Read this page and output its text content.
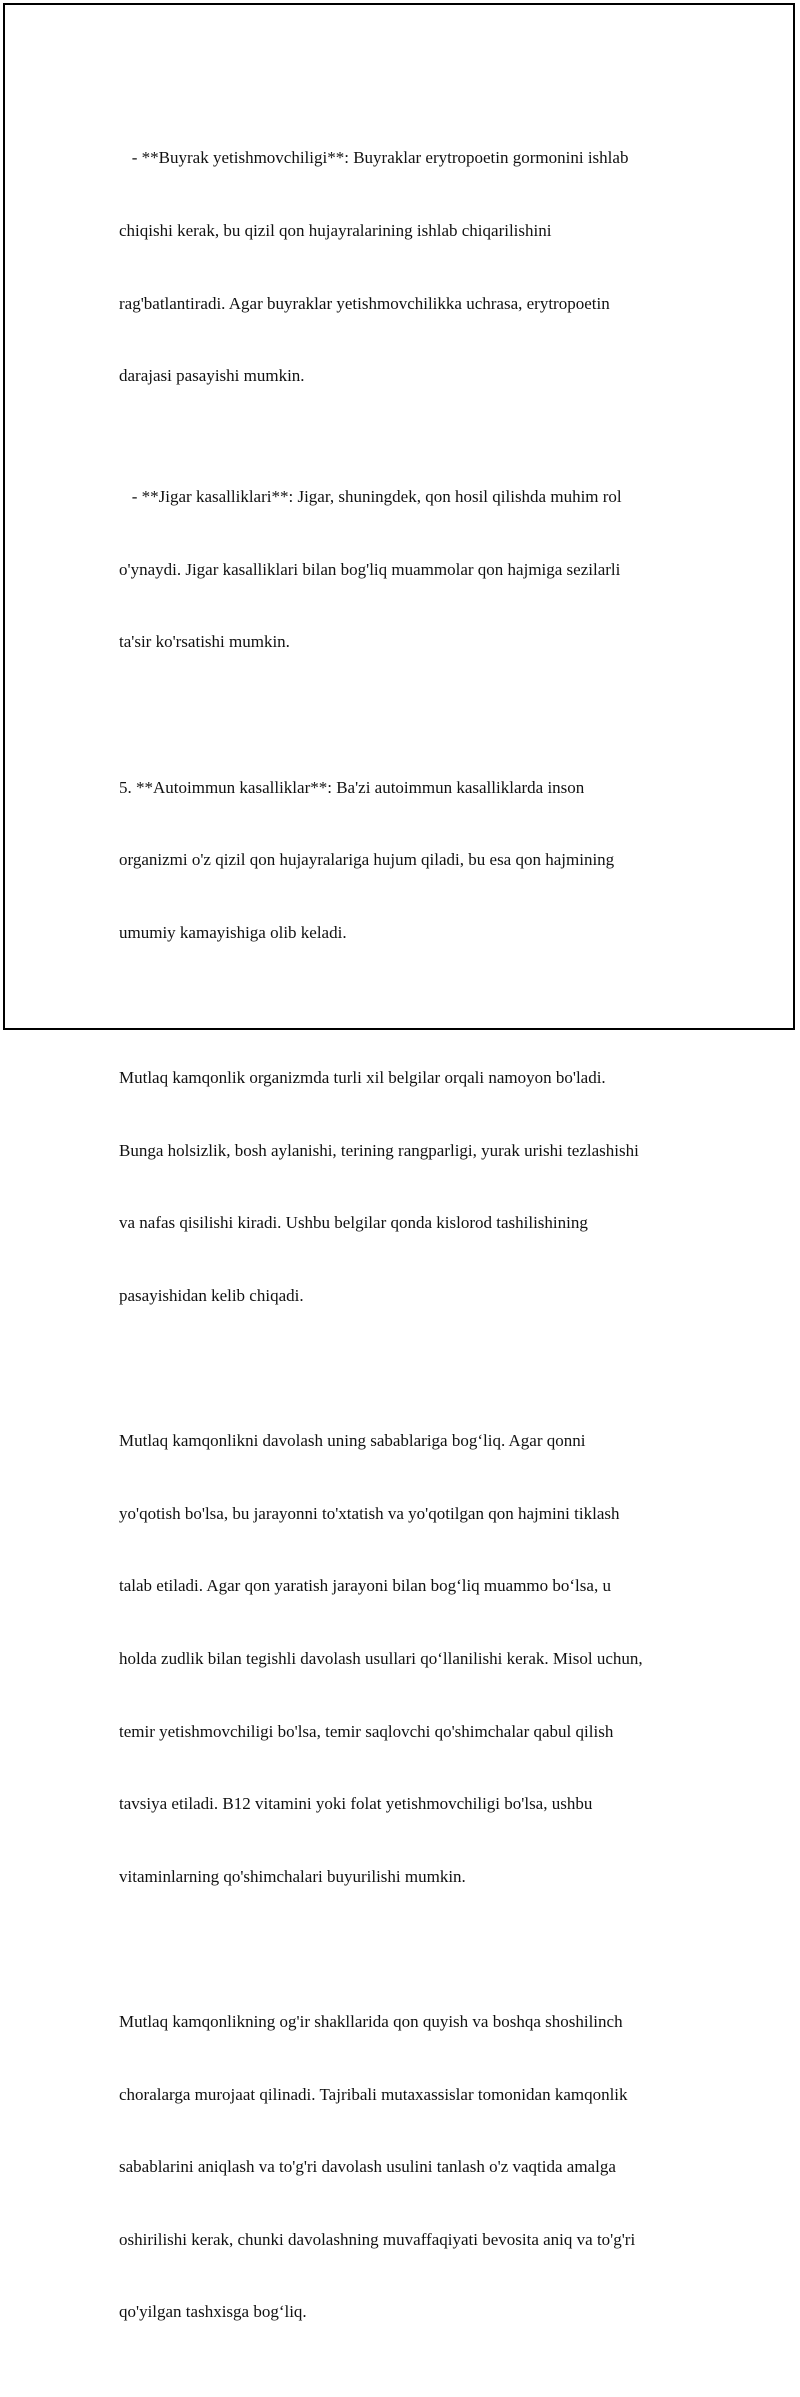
- **Buyrak yetishmovchiligi**: Buyraklar erytropoetin gormonini ishlab

chiqishi kerak, bu qizil qon hujayralarining ishlab chiqarilishini

rag'batlantiradi. Agar buyraklar yetishmovchilikka uchrasa, erytropoetin

darajasi pasayishi mumkin.

- **Jigar kasalliklari**: Jigar, shuningdek, qon hosil qilishda muhim rol

o'ynaydi. Jigar kasalliklari bilan bog'liq muammolar qon hajmiga sezilarli

ta'sir ko'rsatishi mumkin.

5. **Autoimmun kasalliklar**: Ba'zi autoimmun kasalliklarda inson

organizmi o'z qizil qon hujayralariga hujum qiladi, bu esa qon hajmining

umumiy kamayishiga olib keladi.

Mutlaq kamqonlik organizmda turli xil belgilar orqali namoyon bo'ladi.

Bunga holsizlik, bosh aylanishi, terining rangparligi, yurak urishi tezlashishi

va nafas qisilishi kiradi. Ushbu belgilar qonda kislorod tashilishining

pasayishidan kelib chiqadi.

Mutlaq kamqonlikni davolash uning sabablariga bog‘liq. Agar qonni

yo'qotish bo'lsa, bu jarayonni to'xtatish va yo'qotilgan qon hajmini tiklash

talab etiladi. Agar qon yaratish jarayoni bilan bog‘liq muammo bo‘lsa, u

holda zudlik bilan tegishli davolash usullari qo‘llanilishi kerak. Misol uchun,

temir yetishmovchiligi bo'lsa, temir saqlovchi qo'shimchalar qabul qilish

tavsiya etiladi. B12 vitamini yoki folat yetishmovchiligi bo'lsa, ushbu

vitaminlarning qo'shimchalari buyurilishi mumkin.

Mutlaq kamqonlikning og'ir shakllarida qon quyish va boshqa shoshilinch

choralarga murojaat qilinadi. Tajribali mutaxassislar tomonidan kamqonlik

sabablarini aniqlash va to'g'ri davolash usulini tanlash o'z vaqtida amalga

oshirilishi kerak, chunki davolashning muvaffaqiyati bevosita aniq va to'g'ri

qo'yilgan tashxisga bog‘liq.
